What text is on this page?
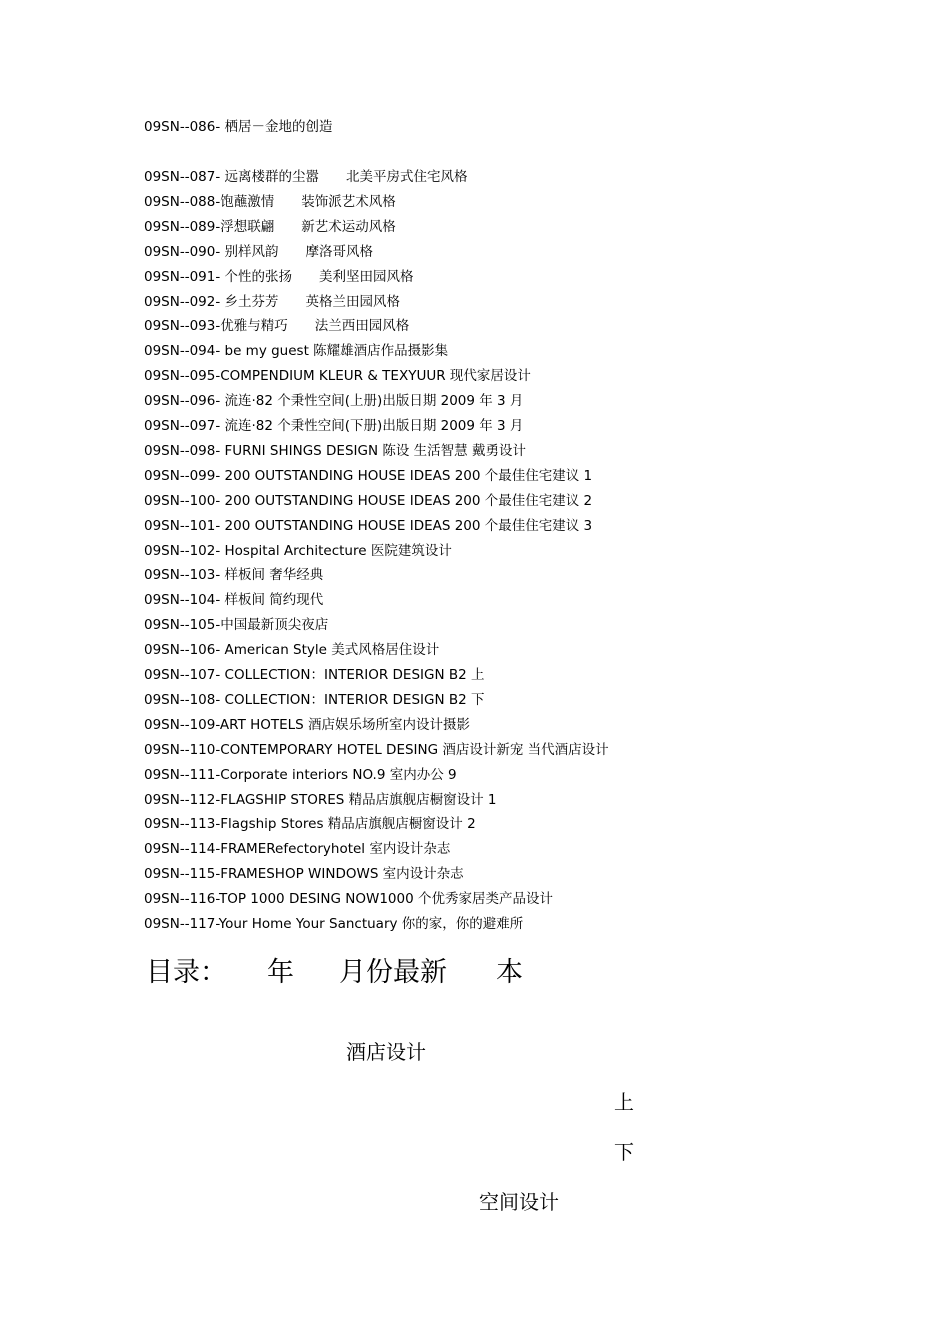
09SN--086- 栖居－金地的创造
09SN--087- 远离楼群的尘嚣　　北美平房式住宅风格
09SN--088-饱蘸激情　　装饰派艺术风格
09SN--089-浮想联翩　　新艺术运动风格
09SN--090- 别样风韵　　摩洛哥风格
09SN--091- 个性的张扬　　美利坚田园风格
09SN--092- 乡土芬芳　　英格兰田园风格
09SN--093-优雅与精巧　　法兰西田园风格
09SN--094- be my guest 陈耀雄酒店作品摄影集
09SN--095-COMPENDIUM KLEUR & TEXYUUR 现代家居设计
09SN--096- 流连·82 个秉性空间(上册)出版日期 2009 年 3 月
09SN--097- 流连·82 个秉性空间(下册)出版日期 2009 年 3 月
09SN--098- FURNI SHINGS DESIGN 陈设 生活智慧 戴勇设计
09SN--099- 200 OUTSTANDING HOUSE IDEAS 200 个最佳住宅建议 1
09SN--100- 200 OUTSTANDING HOUSE IDEAS 200 个最佳住宅建议 2
09SN--101- 200 OUTSTANDING HOUSE IDEAS 200 个最佳住宅建议 3
09SN--102- Hospital Architecture 医院建筑设计
09SN--103- 样板间 奢华经典
09SN--104- 样板间 简约现代
09SN--105-中国最新顶尖夜店
09SN--106- American Style 美式风格居住设计
09SN--107- COLLECTION：INTERIOR DESIGN B2 上
09SN--108- COLLECTION：INTERIOR DESIGN B2 下
09SN--109-ART HOTELS 酒店娱乐场所室内设计摄影
09SN--110-CONTEMPORARY HOTEL DESING 酒店设计新宠 当代酒店设计
09SN--111-Corporate interiors NO.9 室内办公 9
09SN--112-FLAGSHIP STORES 精品店旗舰店橱窗设计 1
09SN--113-Flagship Stores 精品店旗舰店橱窗设计 2
09SN--114-FRAMERefectoryhotel 室内设计杂志
09SN--115-FRAMESHOP WINDOWS 室内设计杂志
09SN--116-TOP 1000 DESING NOW1000 个优秀家居类产品设计
09SN--117-Your Home Your Sanctuary 你的家，你的避难所
目录： 年 月份最新 本
酒店设计
上
下
空间设计
